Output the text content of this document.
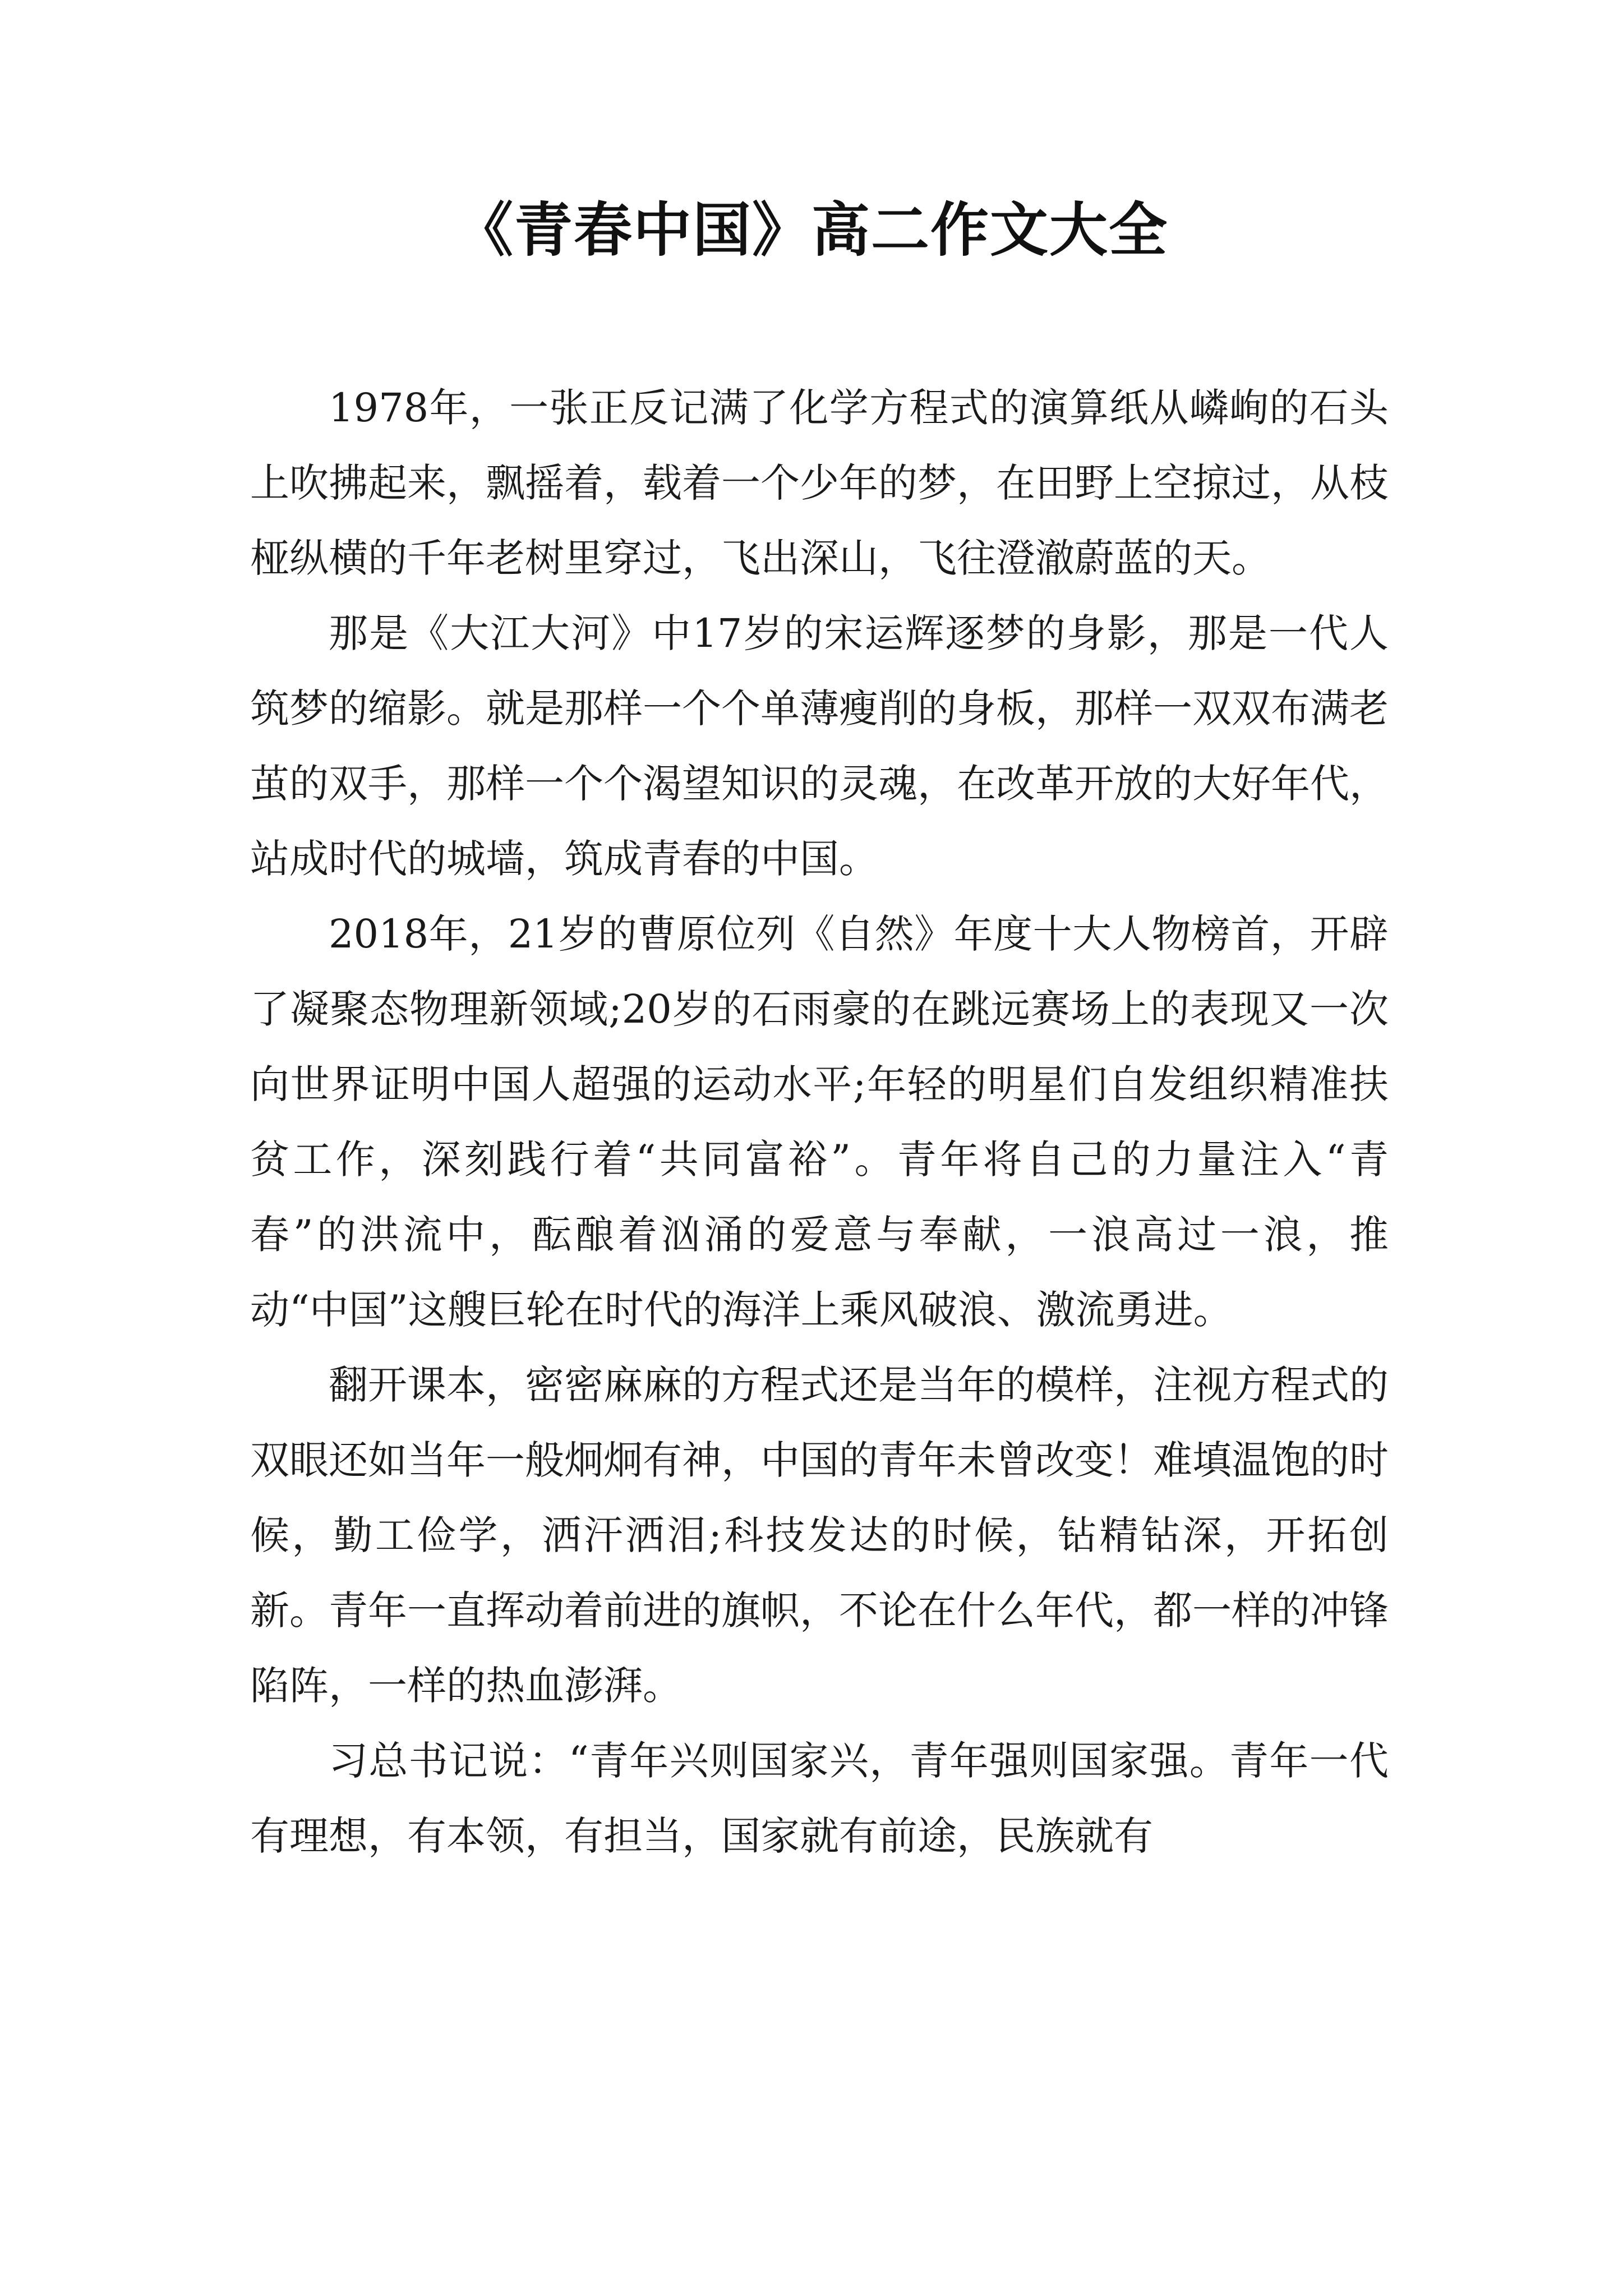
《青春中国》高二作文大全

1978年，一张正反记满了化学方程式的演算纸从嶙峋的石头上吹拂起来，飘摇着，载着一个少年的梦，在田野上空掠过，从枝桠纵横的千年老树里穿过，飞出深山，飞往澄澈蔚蓝的天。

那是《大江大河》中17岁的宋运辉逐梦的身影，那是一代人筑梦的缩影。就是那样一个个单薄瘦削的身板，那样一双双布满老茧的双手，那样一个个渴望知识的灵魂，在改革开放的大好年代，站成时代的城墙，筑成青春的中国。

2018年，21岁的曹原位列《自然》年度十大人物榜首，开辟了凝聚态物理新领域;20岁的石雨豪的在跳远赛场上的表现又一次向世界证明中国人超强的运动水平;年轻的明星们自发组织精准扶贫工作，深刻践行着“共同富裕”。青年将自己的力量注入“青春”的洪流中，酝酿着汹涌的爱意与奉献，一浪高过一浪，推动“中国”这艘巨轮在时代的海洋上乘风破浪、激流勇进。

翻开课本，密密麻麻的方程式还是当年的模样，注视方程式的双眼还如当年一般炯炯有神，中国的青年未曾改变！难填温饱的时候，勤工俭学，洒汗洒泪;科技发达的时候，钻精钻深，开拓创新。青年一直挥动着前进的旗帜，不论在什么年代，都一样的冲锋陷阵，一样的热血澎湃。

习总书记说：“青年兴则国家兴，青年强则国家强。青年一代有理想，有本领，有担当，国家就有前途，民族就有
